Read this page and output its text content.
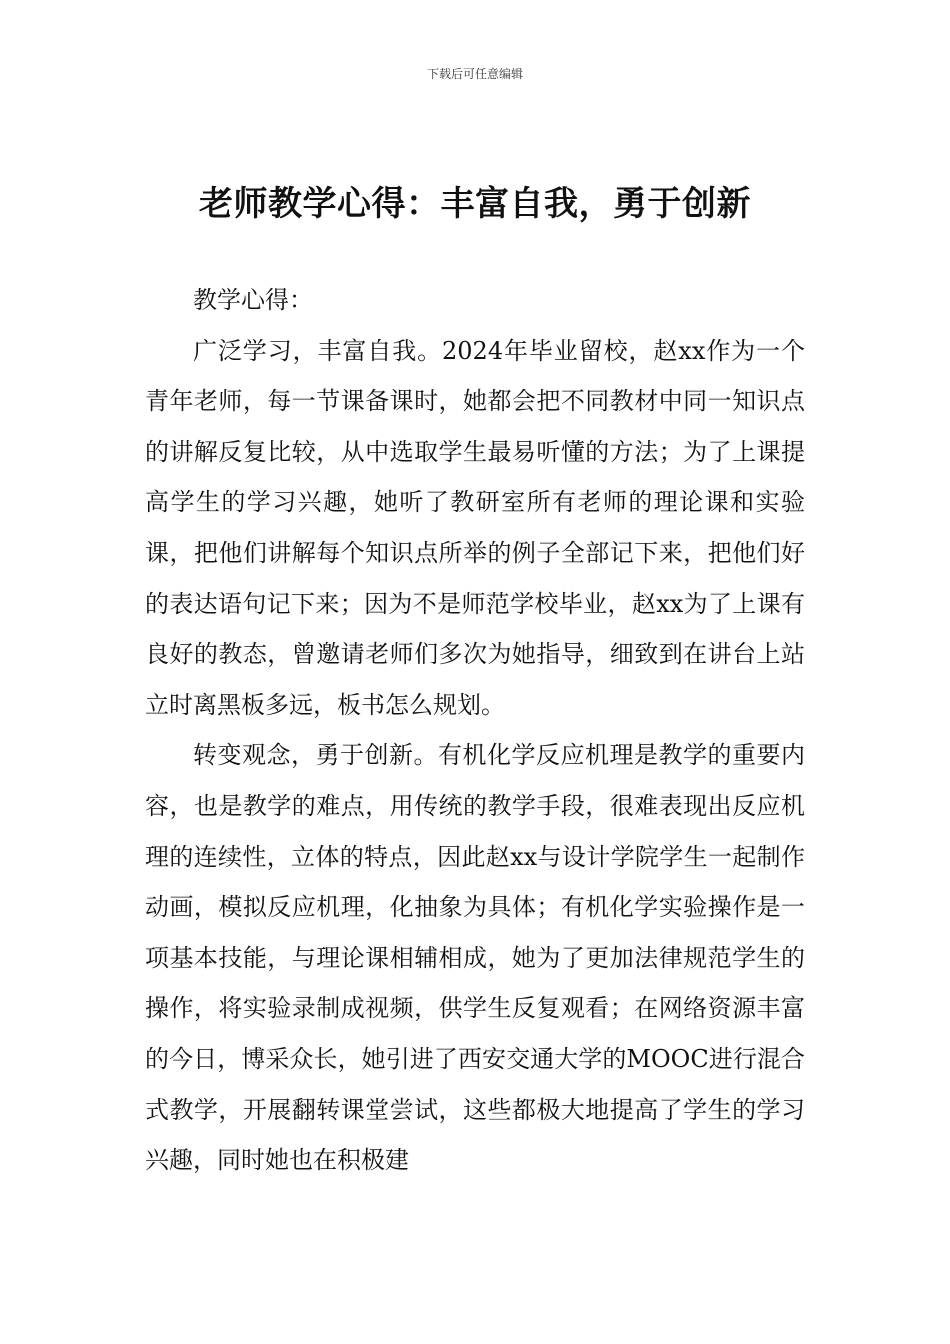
下载后可任意编辑
老师教学心得：丰富自我，勇于创新

教学心得：

广泛学习，丰富自我。2024年毕业留校，赵xx作为一个青年老师，每一节课备课时，她都会把不同教材中同一知识点的讲解反复比较，从中选取学生最易听懂的方法；为了上课提高学生的学习兴趣，她听了教研室所有老师的理论课和实验课，把他们讲解每个知识点所举的例子全部记下来，把他们好的表达语句记下来；因为不是师范学校毕业，赵xx为了上课有良好的教态，曾邀请老师们多次为她指导，细致到在讲台上站立时离黑板多远，板书怎么规划。

转变观念，勇于创新。有机化学反应机理是教学的重要内容，也是教学的难点，用传统的教学手段，很难表现出反应机理的连续性，立体的特点，因此赵xx与设计学院学生一起制作动画，模拟反应机理，化抽象为具体；有机化学实验操作是一项基本技能，与理论课相辅相成，她为了更加法律规范学生的操作，将实验录制成视频，供学生反复观看；在网络资源丰富的今日，博采众长，她引进了西安交通大学的MOOC进行混合式教学，开展翻转课堂尝试，这些都极大地提高了学生的学习兴趣，同时她也在积极建
